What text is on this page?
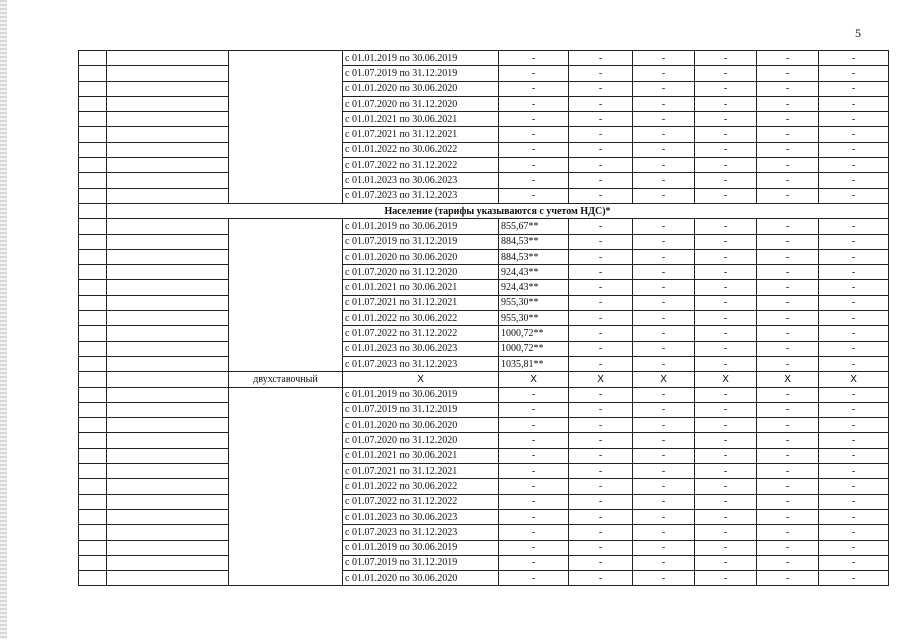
5
			с 01.01.2019 по 30.06.2019	-	-	-	-	-	-
			с 01.07.2019 по 31.12.2019	-	-	-	-	-	-
			с 01.01.2020 по 30.06.2020	-	-	-	-	-	-
			с 01.07.2020 по 31.12.2020	-	-	-	-	-	-
			с 01.01.2021 по 30.06.2021	-	-	-	-	-	-
			с 01.07.2021 по 31.12.2021	-	-	-	-	-	-
			с 01.01.2022 по 30.06.2022	-	-	-	-	-	-
			с 01.07.2022 по 31.12.2022	-	-	-	-	-	-
			с 01.01.2023 по 30.06.2023	-	-	-	-	-	-
			с 01.07.2023 по 31.12.2023	-	-	-	-	-	-
	Население (тарифы указываются с учетом НДС)*								
			с 01.01.2019 по 30.06.2019	855,67**	-	-	-	-	-
			с 01.07.2019 по 31.12.2019	884,53**	-	-	-	-	-
			с 01.01.2020 по 30.06.2020	884,53**	-	-	-	-	-
			с 01.07.2020 по 31.12.2020	924,43**	-	-	-	-	-
			с 01.01.2021 по 30.06.2021	924,43**	-	-	-	-	-
			с 01.07.2021 по 31.12.2021	955,30**	-	-	-	-	-
			с 01.01.2022 по 30.06.2022	955,30**	-	-	-	-	-
			с 01.07.2022 по 31.12.2022	1000,72**	-	-	-	-	-
			с 01.01.2023 по 30.06.2023	1000,72**	-	-	-	-	-
			с 01.07.2023 по 31.12.2023	1035,81**	-	-	-	-	-
		двухставочный	X	X	X	X	X	X	X
			с 01.01.2019 по 30.06.2019	-	-	-	-	-	-
			с 01.07.2019 по 31.12.2019	-	-	-	-	-	-
			с 01.01.2020 по 30.06.2020	-	-	-	-	-	-
			с 01.07.2020 по 31.12.2020	-	-	-	-	-	-
			с 01.01.2021 по 30.06.2021	-	-	-	-	-	-
			с 01.07.2021 по 31.12.2021	-	-	-	-	-	-
			с 01.01.2022 по 30.06.2022	-	-	-	-	-	-
			с 01.07.2022 по 31.12.2022	-	-	-	-	-	-
			с 01.01.2023 по 30.06.2023	-	-	-	-	-	-
			с 01.07.2023 по 31.12.2023	-	-	-	-	-	-
			с 01.01.2019 по 30.06.2019	-	-	-	-	-	-
			с 01.07.2019 по 31.12.2019	-	-	-	-	-	-
			с 01.01.2020 по 30.06.2020	-	-	-	-	-	-
